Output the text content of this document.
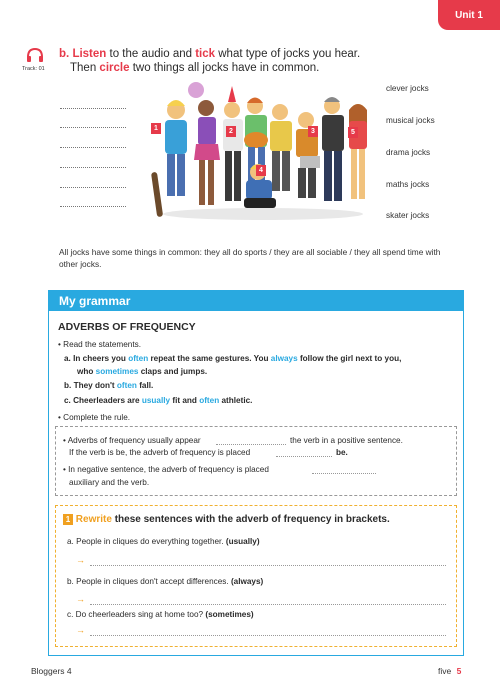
Unit 1
Track: 01
b. Listen to the audio and tick what type of jocks you hear.
Then circle two things all jocks have in common.
1	2	3
4
5
clever jocks
musical jocks
drama jocks
maths jocks
skater jocks
All jocks have some things in common: they all do sports / they are all sociable / they all spend time with other jocks.
My grammar
ADVERBS OF FREQUENCY
• Read the statements.
a. In cheers you often repeat the same gestures. You always follow the girl next to you,
who sometimes claps and jumps.
b. They don't often fall.
c. Cheerleaders are usually fit and often athletic.
• Complete the rule.
• Adverbs of frequency usually appear	the verb in a positive sentence.
If the verb is be, the adverb of frequency is placed	be.
• In negative sentence, the adverb of frequency is placed
auxiliary and the verb.
1 Rewrite these sentences with the adverb of frequency in brackets.
a. People in cliques do everything together. (usually)
→
b. People in cliques don't accept differences. (always)
→
c. Do cheerleaders sing at home too? (sometimes)
→
Bloggers 4	five 5
